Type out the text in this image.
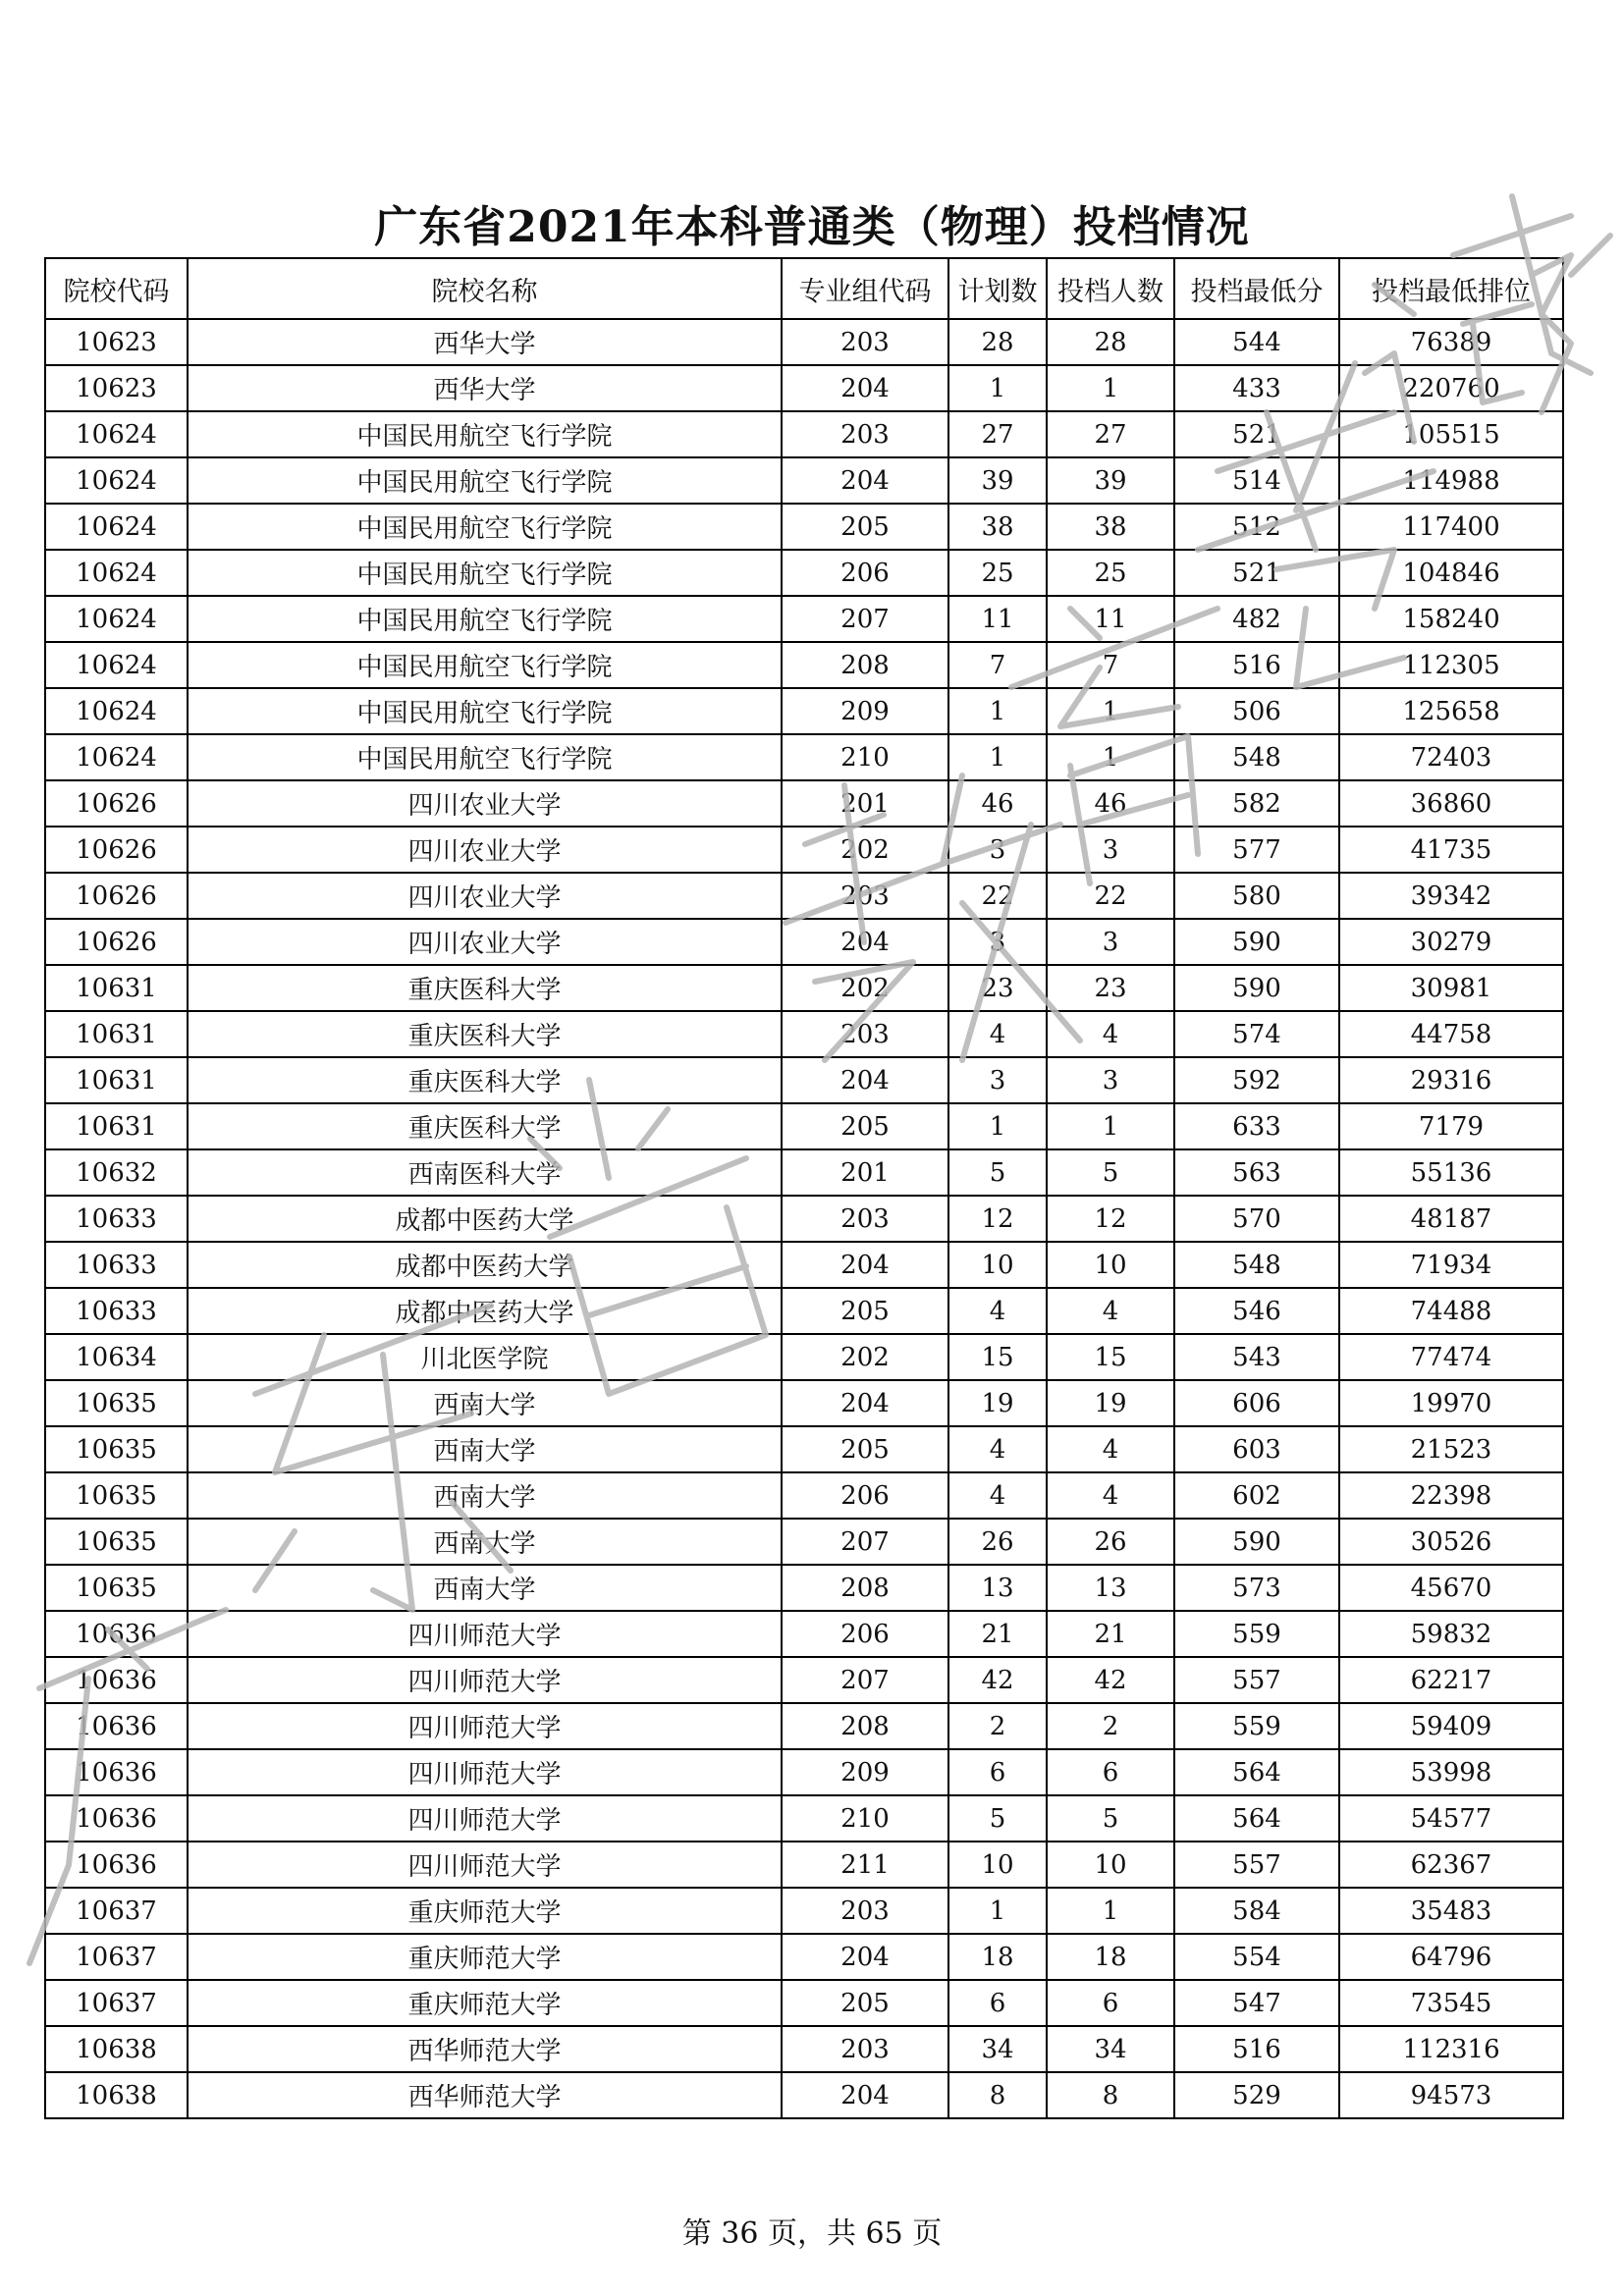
广东省2021年本科普通类（物理）投档情况
院校代码	院校名称	专业组代码	计划数	投档人数	投档最低分	投档最低排位
10623	西华大学	203	28	28	544	76389
10623	西华大学	204	1	1	433	220760
10624	中国民用航空飞行学院	203	27	27	521	105515
10624	中国民用航空飞行学院	204	39	39	514	114988
10624	中国民用航空飞行学院	205	38	38	512	117400
10624	中国民用航空飞行学院	206	25	25	521	104846
10624	中国民用航空飞行学院	207	11	11	482	158240
10624	中国民用航空飞行学院	208	7	7	516	112305
10624	中国民用航空飞行学院	209	1	1	506	125658
10624	中国民用航空飞行学院	210	1	1	548	72403
10626	四川农业大学	201	46	46	582	36860
10626	四川农业大学	202	3	3	577	41735
10626	四川农业大学	203	22	22	580	39342
10626	四川农业大学	204	3	3	590	30279
10631	重庆医科大学	202	23	23	590	30981
10631	重庆医科大学	203	4	4	574	44758
10631	重庆医科大学	204	3	3	592	29316
10631	重庆医科大学	205	1	1	633	7179
10632	西南医科大学	201	5	5	563	55136
10633	成都中医药大学	203	12	12	570	48187
10633	成都中医药大学	204	10	10	548	71934
10633	成都中医药大学	205	4	4	546	74488
10634	川北医学院	202	15	15	543	77474
10635	西南大学	204	19	19	606	19970
10635	西南大学	205	4	4	603	21523
10635	西南大学	206	4	4	602	22398
10635	西南大学	207	26	26	590	30526
10635	西南大学	208	13	13	573	45670
10636	四川师范大学	206	21	21	559	59832
10636	四川师范大学	207	42	42	557	62217
10636	四川师范大学	208	2	2	559	59409
10636	四川师范大学	209	6	6	564	53998
10636	四川师范大学	210	5	5	564	54577
10636	四川师范大学	211	10	10	557	62367
10637	重庆师范大学	203	1	1	584	35483
10637	重庆师范大学	204	18	18	554	64796
10637	重庆师范大学	205	6	6	547	73545
10638	西华师范大学	203	34	34	516	112316
10638	西华师范大学	204	8	8	529	94573
第 36 页，共 65 页
